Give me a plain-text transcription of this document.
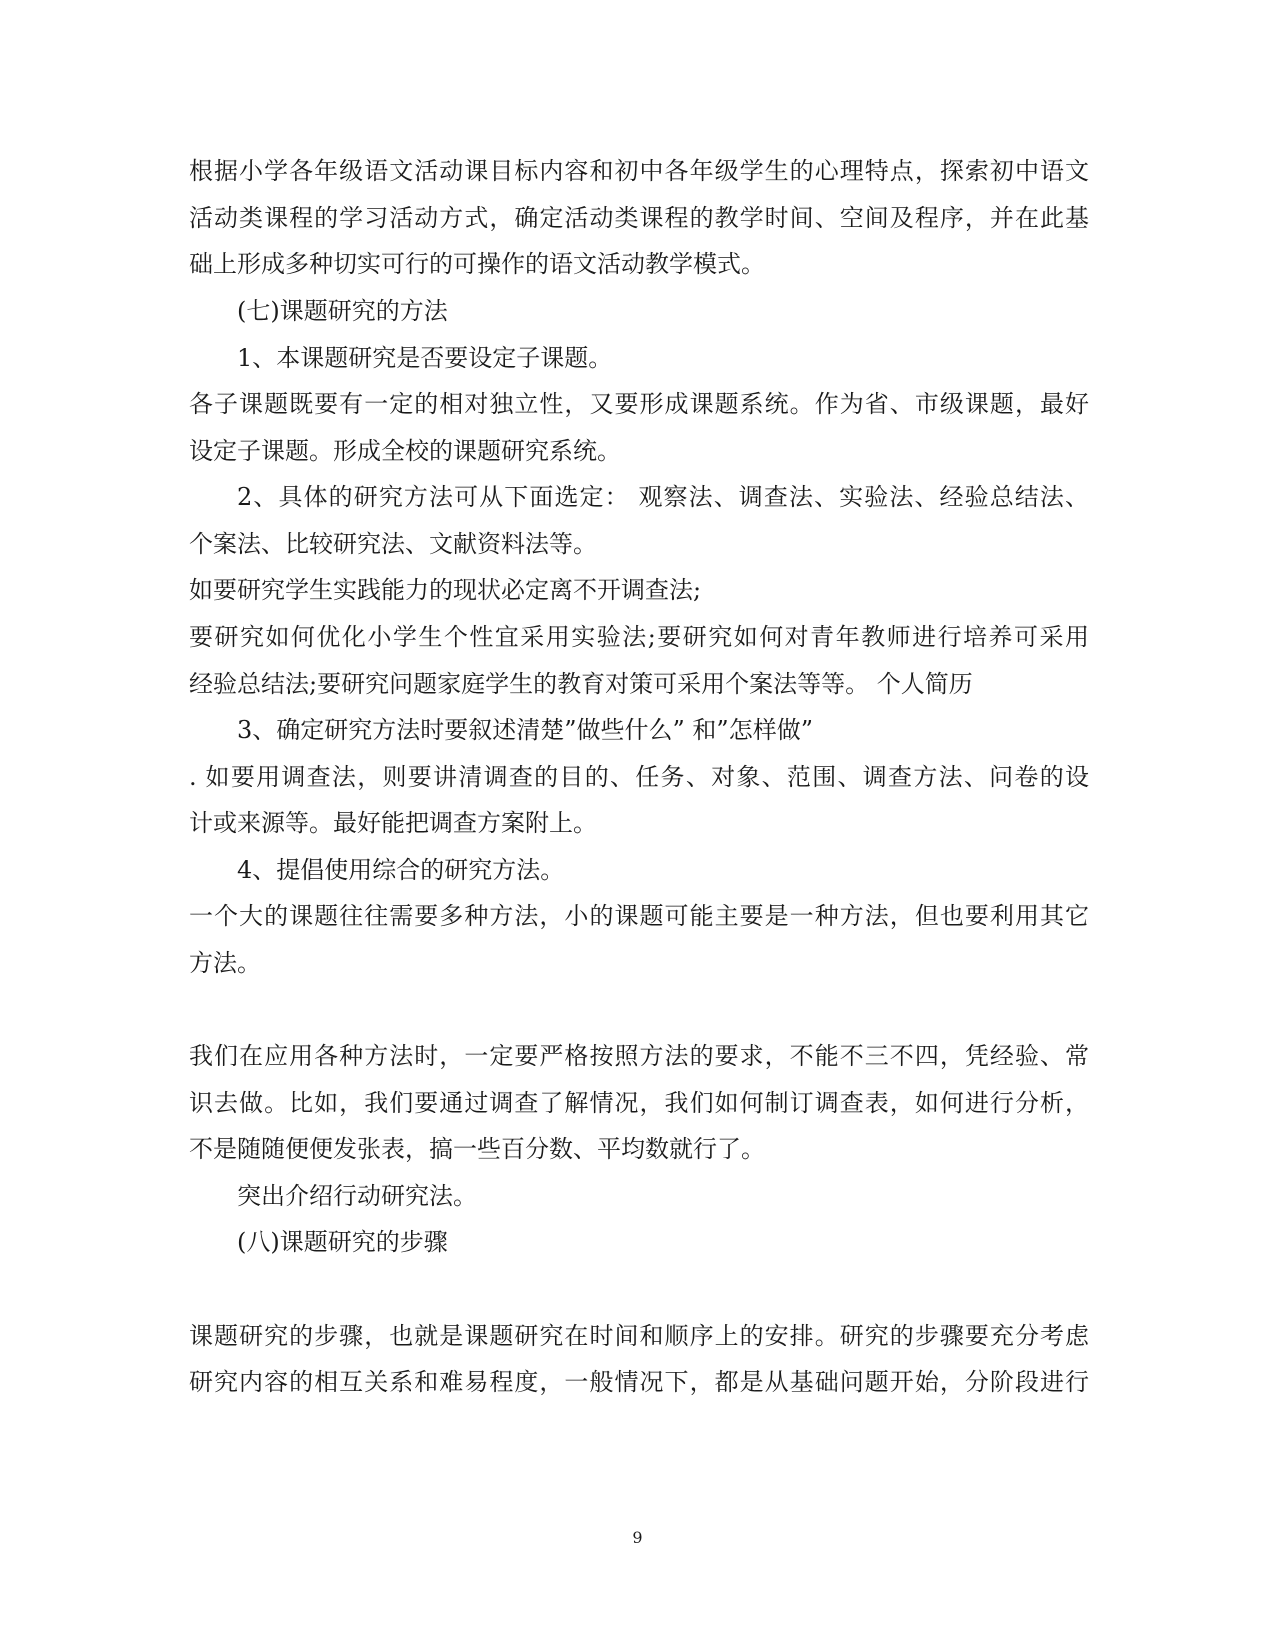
根据小学各年级语文活动课目标内容和初中各年级学生的心理特点，探索初中语文
活动类课程的学习活动方式，确定活动类课程的教学时间、空间及程序，并在此基
础上形成多种切实可行的可操作的语文活动教学模式。
(七)课题研究的方法
1、本课题研究是否要设定子课题。
各子课题既要有一定的相对独立性，又要形成课题系统。作为省、市级课题，最好
设定子课题。形成全校的课题研究系统。
2、具体的研究方法可从下面选定： 观察法、调查法、实验法、经验总结法、
个案法、比较研究法、文献资料法等。
如要研究学生实践能力的现状必定离不开调查法;
要研究如何优化小学生个性宜采用实验法;要研究如何对青年教师进行培养可采用
经验总结法;要研究问题家庭学生的教育对策可采用个案法等等。 个人简历
3、确定研究方法时要叙述清楚”做些什么” 和”怎样做”
. 如要用调查法，则要讲清调查的目的、任务、对象、范围、调查方法、问卷的设
计或来源等。最好能把调查方案附上。
4、提倡使用综合的研究方法。
一个大的课题往往需要多种方法，小的课题可能主要是一种方法，但也要利用其它
方法。
我们在应用各种方法时，一定要严格按照方法的要求，不能不三不四，凭经验、常
识去做。比如，我们要通过调查了解情况，我们如何制订调查表，如何进行分析，
不是随随便便发张表，搞一些百分数、平均数就行了。
突出介绍行动研究法。
(八)课题研究的步骤
课题研究的步骤，也就是课题研究在时间和顺序上的安排。研究的步骤要充分考虑
研究内容的相互关系和难易程度，一般情况下，都是从基础问题开始，分阶段进行
9
